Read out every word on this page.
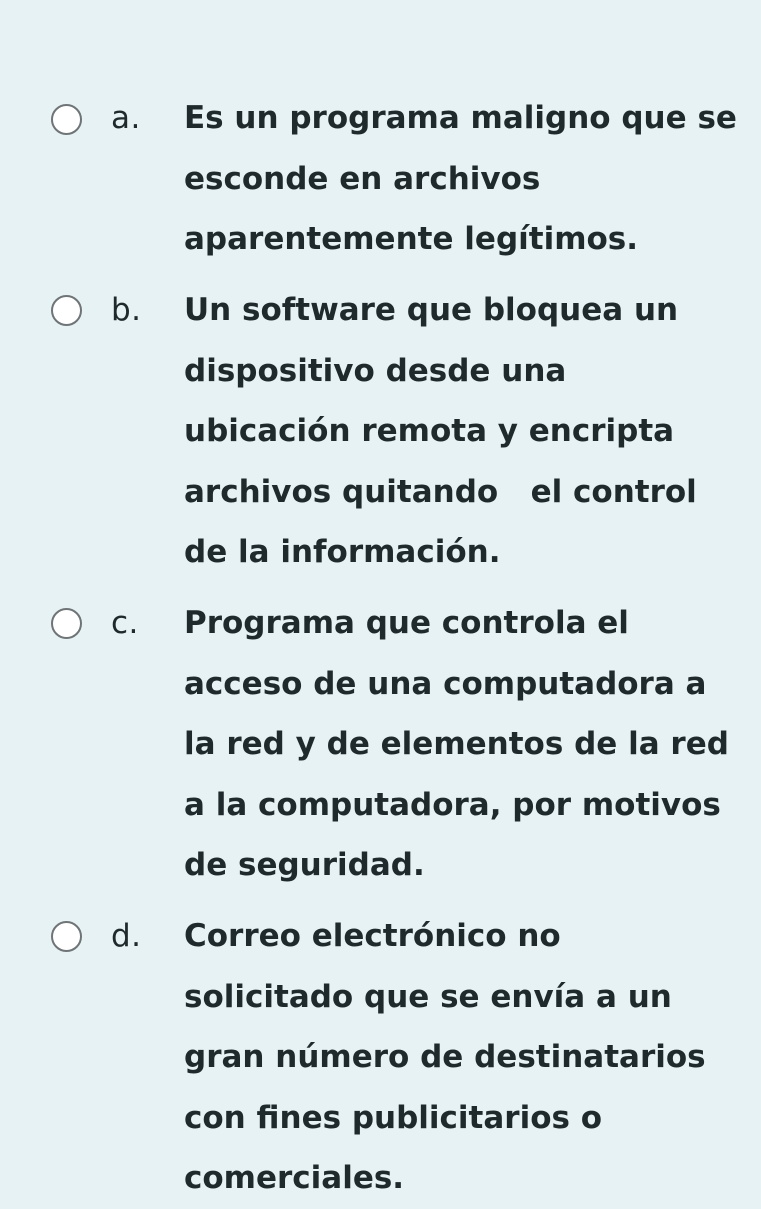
a. Es un programa maligno que se
esconde en archivos
aparentemente legítimos.
b. Un software que bloquea un
dispositivo desde una
ubicación remota y encripta
archivos quitando   el control
de la información.
c. Programa que controla el
acceso de una computadora a
la red y de elementos de la red
a la computadora, por motivos
de seguridad.
d. Correo electrónico no
solicitado que se envía a un
gran número de destinatarios
con fines publicitarios o
comerciales.
